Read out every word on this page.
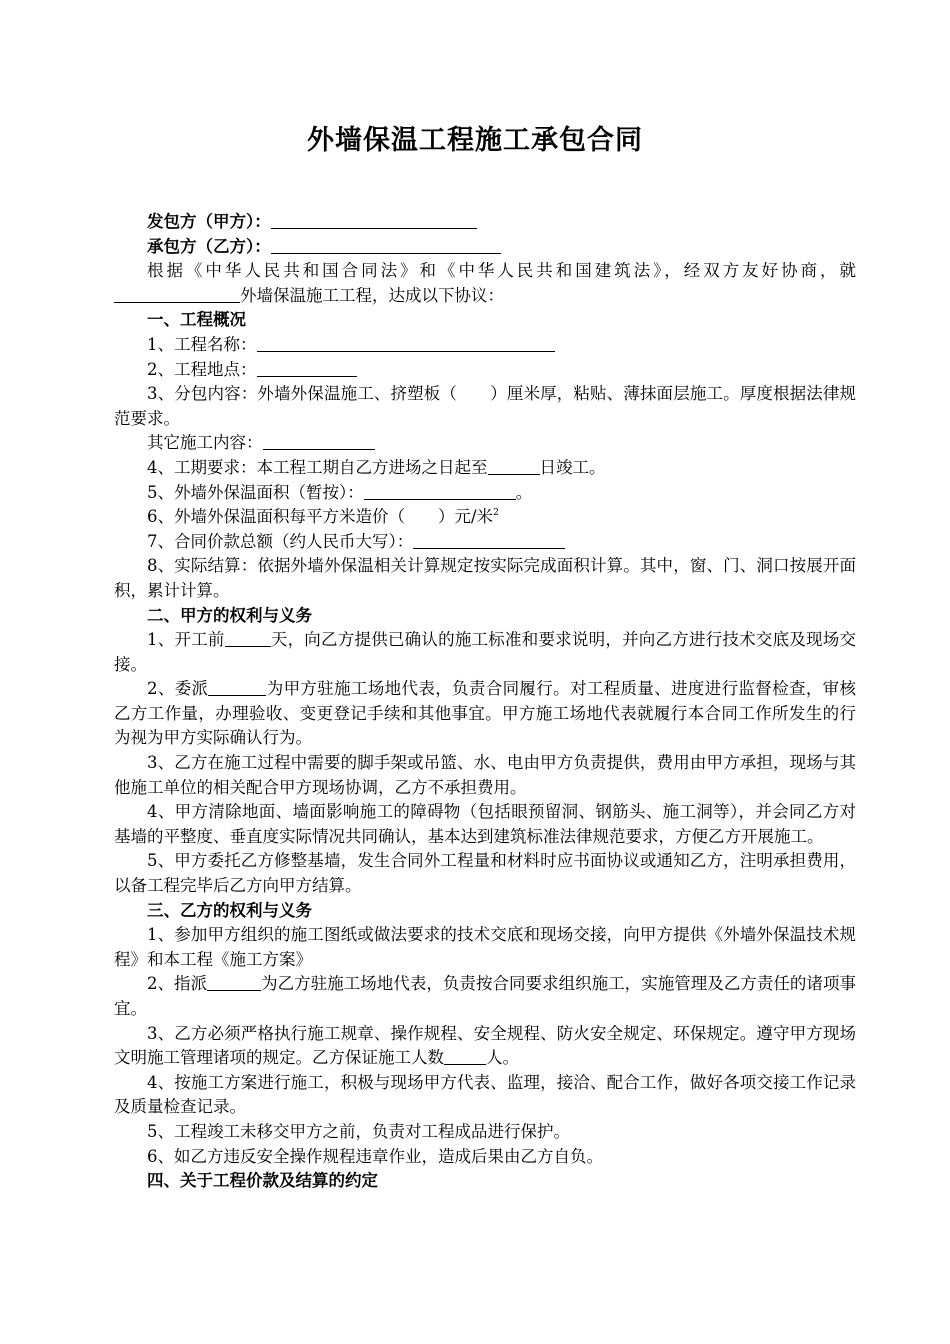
外墙保温工程施工承包合同

发包方（甲方）：

承包方（乙方）：

根据《中华人民共和国合同法》和《中华人民共和国建筑法》，经双方友好协商，就外墙保温施工工程，达成以下协议：

一、工程概况

1、工程名称：

2、工程地点：

3、分包内容：外墙外保温施工、挤塑板（　　）厘米厚，粘贴、薄抹面层施工。厚度根据法律规范要求。

其它施工内容：

4、工期要求：本工程工期自乙方进场之日起至	日竣工。

5、外墙外保温面积（暂按）：	。

6、外墙外保温面积每平方米造价（　　）元/米$^2$

7、合同价款总额（约人民币大写）：

8、实际结算：依据外墙外保温相关计算规定按实际完成面积计算。其中，窗、门、洞口按展开面积，累计计算。

二、甲方的权利与义务

1、开工前	天，向乙方提供已确认的施工标准和要求说明，并向乙方进行技术交底及现场交接。

2、委派	为甲方驻施工场地代表，负责合同履行。对工程质量、进度进行监督检查，审核乙方工作量，办理验收、变更登记手续和其他事宜。甲方施工场地代表就履行本合同工作所发生的行为视为甲方实际确认行为。

3、乙方在施工过程中需要的脚手架或吊篮、水、电由甲方负责提供，费用由甲方承担，现场与其他施工单位的相关配合甲方现场协调，乙方不承担费用。

4、甲方清除地面、墙面影响施工的障碍物（包括眼预留洞、钢筋头、施工洞等），并会同乙方对基墙的平整度、垂直度实际情况共同确认，基本达到建筑标准法律规范要求，方便乙方开展施工。

5、甲方委托乙方修整基墙，发生合同外工程量和材料时应书面协议或通知乙方，注明承担费用，以备工程完毕后乙方向甲方结算。

三、乙方的权利与义务

1、参加甲方组织的施工图纸或做法要求的技术交底和现场交接，向甲方提供《外墙外保温技术规程》和本工程《施工方案》

2、指派	为乙方驻施工场地代表，负责按合同要求组织施工，实施管理及乙方责任的诸项事宜。

3、乙方必须严格执行施工规章、操作规程、安全规程、防火安全规定、环保规定。遵守甲方现场文明施工管理诸项的规定。乙方保证施工人数	人。

4、按施工方案进行施工，积极与现场甲方代表、监理，接洽、配合工作，做好各项交接工作记录及质量检查记录。

5、工程竣工未移交甲方之前，负责对工程成品进行保护。

6、如乙方违反安全操作规程违章作业，造成后果由乙方自负。

四、关于工程价款及结算的约定
